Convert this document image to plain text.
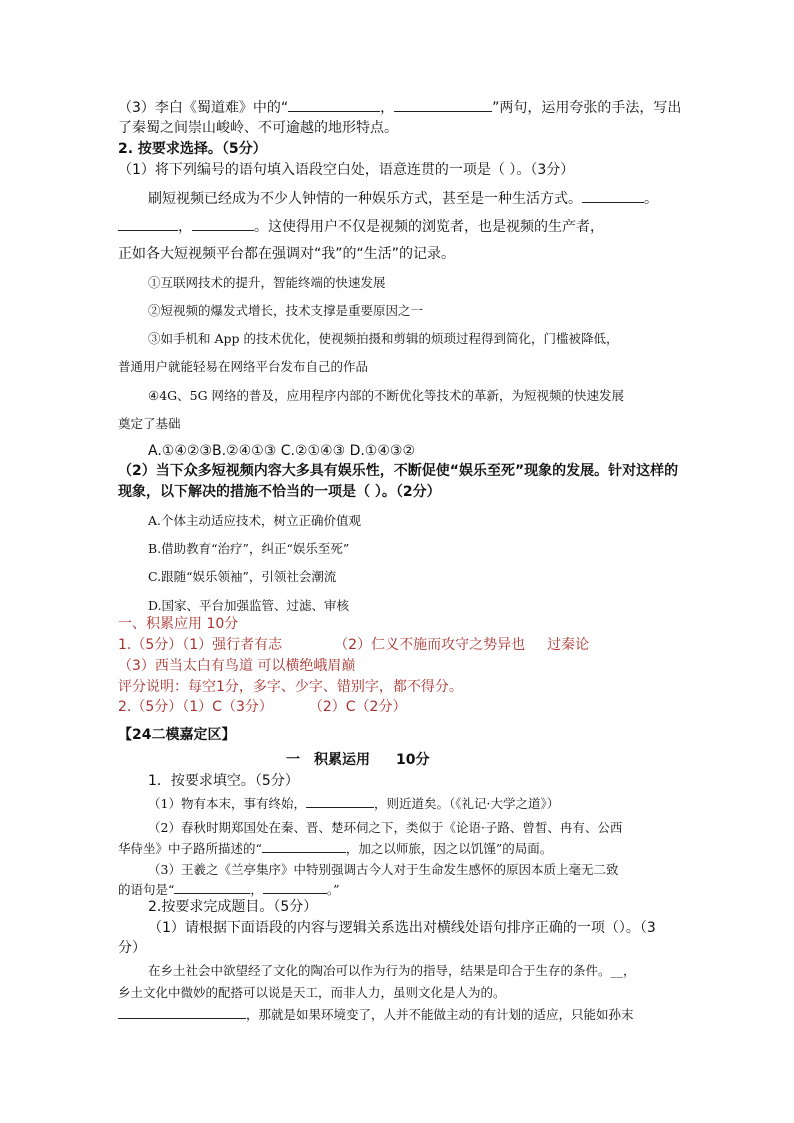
（3）李白《蜀道难》中的“	，	”两句，运用夸张的手法，写出
了秦蜀之间崇山峻岭、不可逾越的地形特点。
2. 按要求选择。（5分）
（1）将下列编号的语句填入语段空白处，语意连贯的一项是（ ）。（3分）
刷短视频已经成为不少人钟情的一种娱乐方式，甚至是一种生活方式。	。
，	。这使得用户不仅是视频的浏览者，也是视频的生产者，
正如各大短视频平台都在强调对“我”的“生活”的记录。
①互联网技术的提升，智能终端的快速发展
②短视频的爆发式增长，技术支撑是重要原因之一
③如手机和 App 的技术优化，使视频拍摄和剪辑的烦琐过程得到简化，门槛被降低，
普通用户就能轻易在网络平台发布自己的作品
④4G、5G 网络的普及，应用程序内部的不断优化等技术的革新，为短视频的快速发展
奠定了基础
A.①④②③B.②④①③ C.②①④③ D.①④③②
（2）当下众多短视频内容大多具有娱乐性，不断促使“娱乐至死”现象的发展。针对这样的
现象，以下解决的措施不恰当的一项是（ ）。（2分）
A.个体主动适应技术，树立正确价值观
B.借助教育“治疗”，纠正“娱乐至死”
C.跟随“娱乐领袖”，引领社会潮流
D.国家、平台加强监管、过滤、审核
一、积累应用 10分
1.（5分）（1）强行者有志	（2）仁义不施而攻守之势异也 过秦论
（3）西当太白有鸟道 可以横绝峨眉巅
评分说明：每空1分，多字、少字、错别字，都不得分。
2.（5分）（1）C（3分）	（2）C（2分）
【24二模嘉定区】
一　积累运用 10分
1．按要求填空。（5分）
（1）物有本末，事有终始，	，则近道矣。（《礼记·大学之道》）
（2）春秋时期郑国处在秦、晋、楚环伺之下，类似于《论语·子路、曾皙、冉有、公西
华侍坐》中子路所描述的“	，加之以师旅，因之以饥馑”的局面。
（3）王羲之《兰亭集序》中特别强调古今人对于生命发生感怀的原因本质上毫无二致
的语句是“	，	。”
2.按要求完成题目。（5分）
（1）请根据下面语段的内容与逻辑关系选出对横线处语句排序正确的一项（）。（3
分）
在乡土社会中欲望经了文化的陶冶可以作为行为的指导，结果是印合于生存的条件。__，
乡土文化中微妙的配搭可以说是天工，而非人力，虽则文化是人为的。
，那就是如果环境变了，人并不能做主动的有计划的适应，只能如孙末
